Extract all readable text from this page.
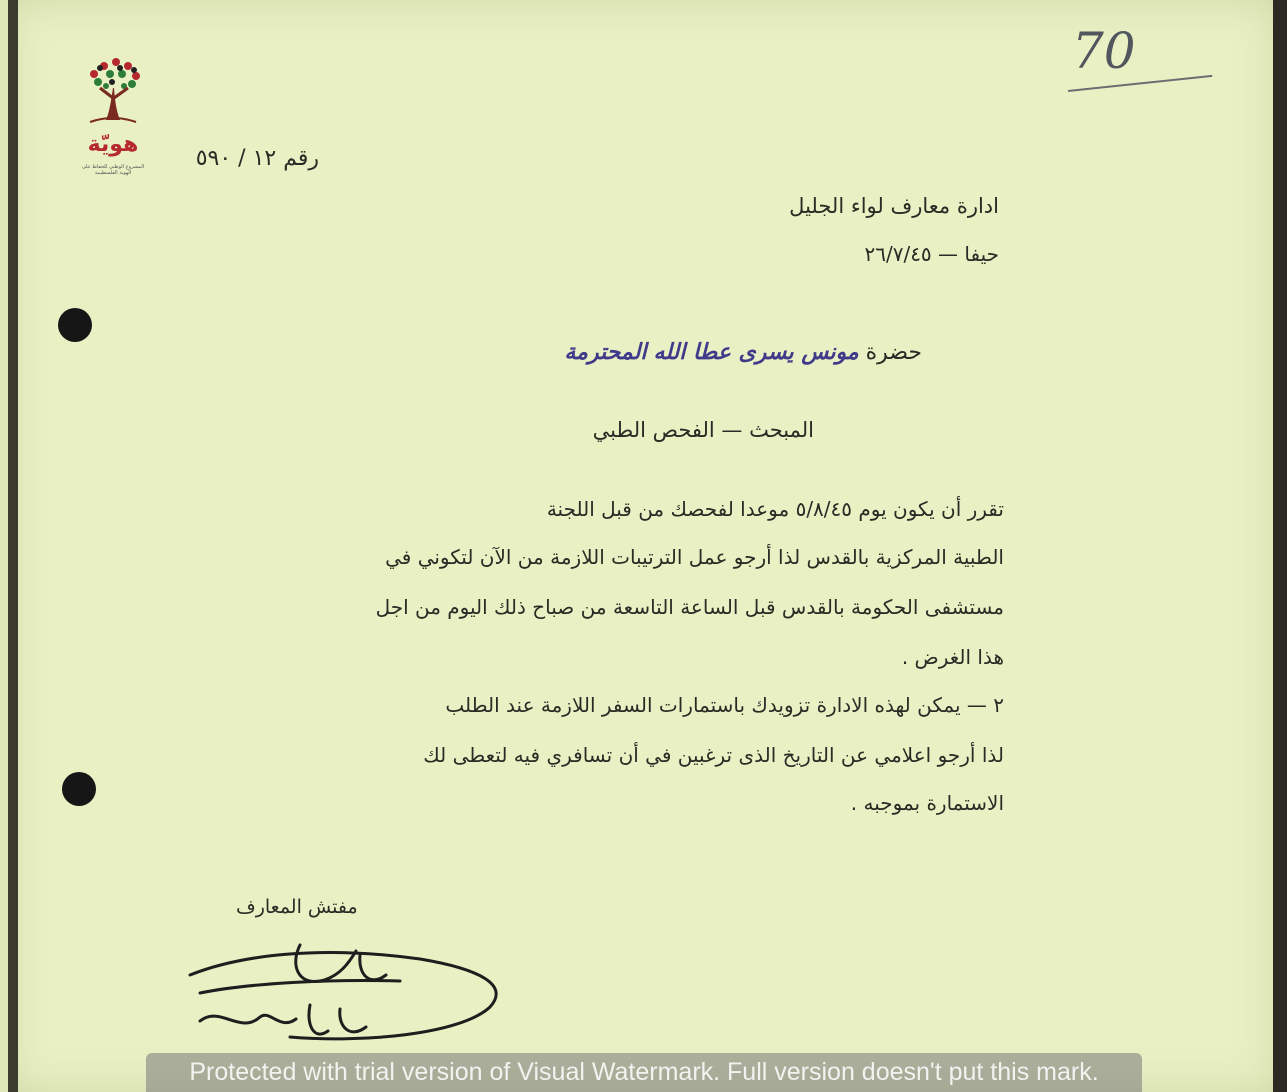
هويّة
المشروع الوطني للحفاظ على الهوية الفلسطينية
70
رقم ١٢ / ٥٩٠
ادارة معارف لواء الجليل
حيفا — ٢٦/٧/٤٥
حضرة مونس يسرى عطا الله المحترمة
المبحث — الفحص الطبي
تقرر أن يكون يوم ٥/٨/٤٥ موعدا لفحصك من قبل اللجنة
الطبية المركزية بالقدس لذا أرجو عمل الترتيبات اللازمة من الآن لتكوني في
مستشفى الحكومة بالقدس قبل الساعة التاسعة من صباح ذلك اليوم من اجل
هذا الغرض .
٢ — يمكن لهذه الادارة تزويدك باستمارات السفر اللازمة عند الطلب
لذا أرجو اعلامي عن التاريخ الذى ترغبين في أن تسافري فيه لتعطى لك
الاستمارة بموجبه .
مفتش المعارف
Protected with trial version of Visual Watermark. Full version doesn't put this mark.
